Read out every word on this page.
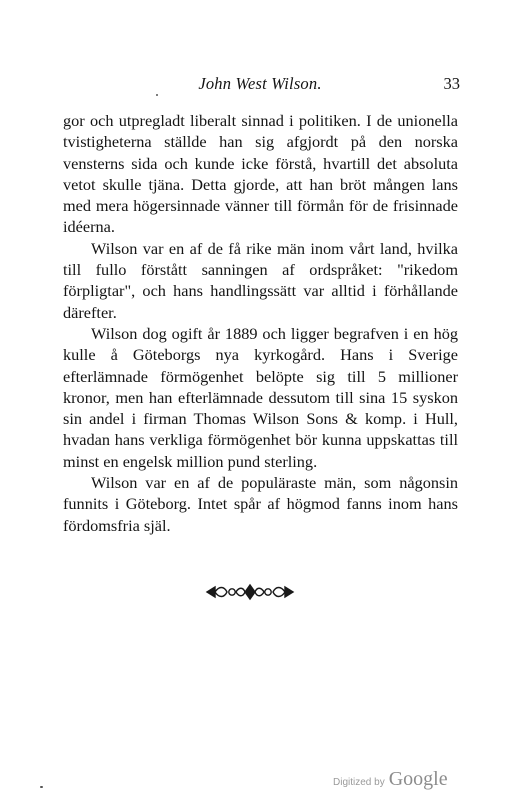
John West Wilson.	33

gor och utpregladt liberalt sinnad i politiken. I de unionella tvistigheterna ställde han sig afgjordt på den norska vensterns sida och kunde icke förstå, hvartill det absoluta vetot skulle tjäna. Detta gjorde, att han bröt mången lans med mera högersinnade vänner till förmån för de frisinnade idéerna.

Wilson var en af de få rike män inom vårt land, hvilka till fullo förstått sanningen af ordspråket: "rikedom förpligtar", och hans handlingssätt var alltid i förhållande därefter.

Wilson dog ogift år 1889 och ligger begrafven i en hög kulle å Göteborgs nya kyrkogård. Hans i Sverige efterlämnade förmögenhet belöpte sig till 5 millioner kronor, men han efterlämnade dessutom till sina 15 syskon sin andel i firman Thomas Wilson Sons & komp. i Hull, hvadan hans verkliga förmögenhet bör kunna uppskattas till minst en engelsk million pund sterling.

Wilson var en af de populäraste män, som någonsin funnits i Göteborg. Intet spår af högmod fanns inom hans fördomsfria själ.

Digitized by Google
